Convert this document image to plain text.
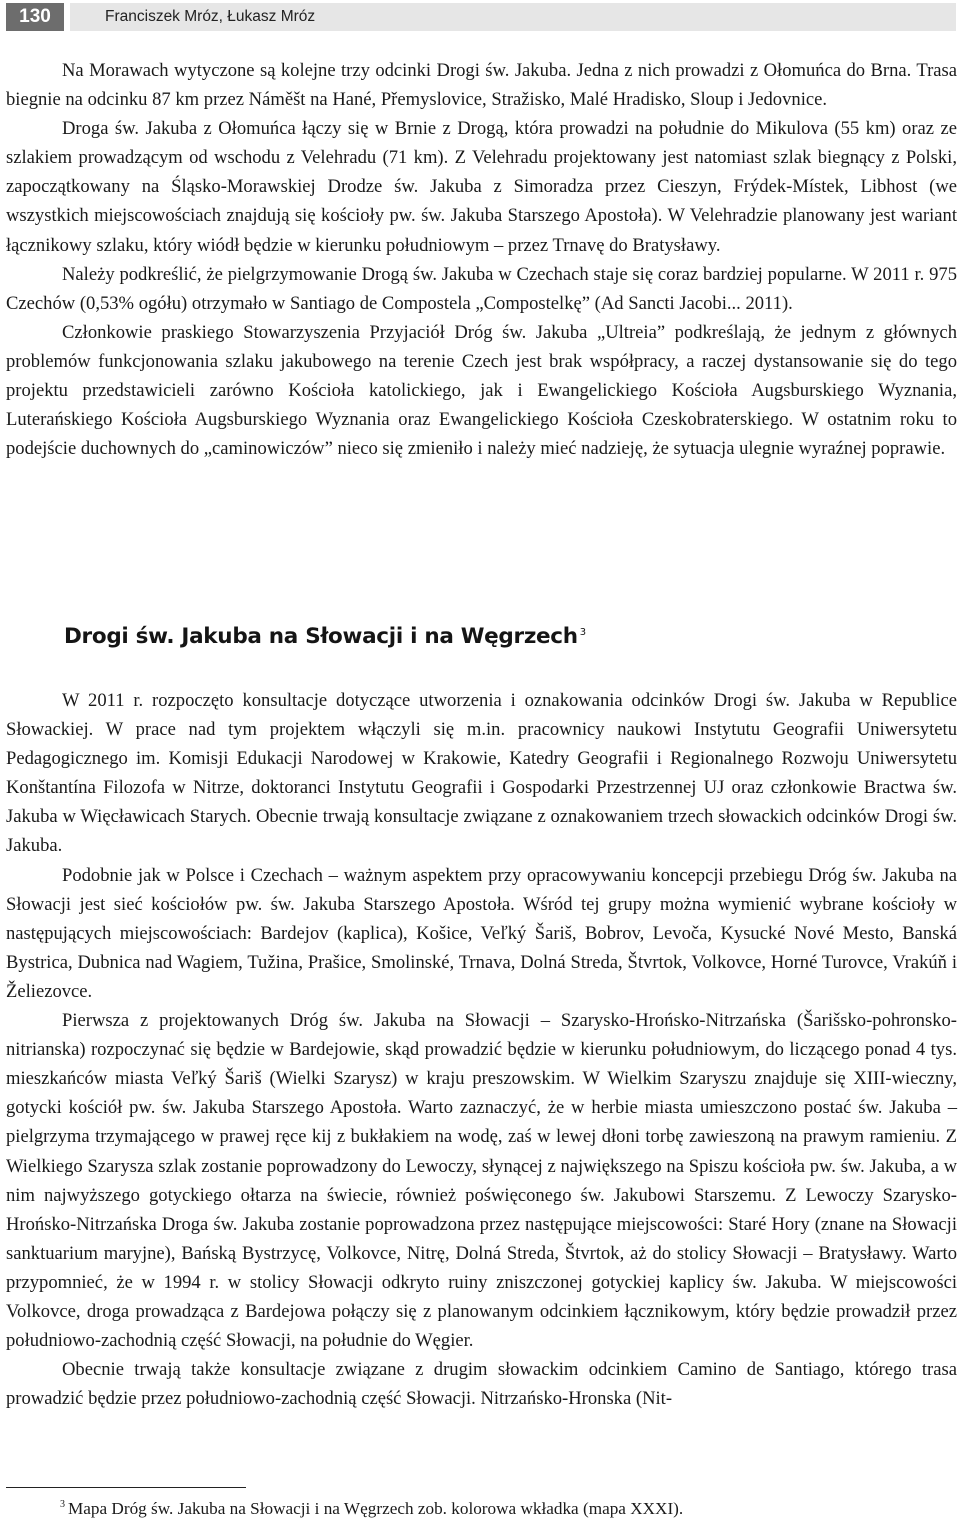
130	Franciszek Mróz, Łukasz Mróz

Na Morawach wytyczone są kolejne trzy odcinki Drogi św. Jakuba. Jedna z nich prowadzi z Ołomuńca do Brna. Trasa biegnie na odcinku 87 km przez Náměšt na Hané, Přemyslovice, Stražisko, Malé Hradisko, Sloup i Jedovnice.

Droga św. Jakuba z Ołomuńca łączy się w Brnie z Drogą, która prowadzi na południe do Mikulova (55 km) oraz ze szlakiem prowadzącym od wschodu z Velehradu (71 km). Z Velehradu projektowany jest natomiast szlak biegnący z Polski, zapoczątkowany na Śląsko-Morawskiej Drodze św. Jakuba z Simoradza przez Cieszyn, Frýdek-Místek, Libhost (we wszystkich miejscowościach znajdują się kościoły pw. św. Jakuba Starszego Apostoła). W Velehradzie planowany jest wariant łącznikowy szlaku, który wiódł będzie w kierunku południowym – przez Trnavę do Bratysławy.

Należy podkreślić, że pielgrzymowanie Drogą św. Jakuba w Czechach staje się coraz bardziej popularne. W 2011 r. 975 Czechów (0,53% ogółu) otrzymało w Santiago de Compostela „Compostelkę” (Ad Sancti Jacobi... 2011).

Członkowie praskiego Stowarzyszenia Przyjaciół Dróg św. Jakuba „Ultreia” podkreślają, że jednym z głównych problemów funkcjonowania szlaku jakubowego na terenie Czech jest brak współpracy, a raczej dystansowanie się do tego projektu przedstawicieli zarówno Kościoła katolickiego, jak i Ewangelickiego Kościoła Augsburskiego Wyznania, Luterańskiego Kościoła Augsburskiego Wyznania oraz Ewangelickiego Kościoła Czeskobraterskiego. W ostatnim roku to podejście duchownych do „caminowiczów” nieco się zmieniło i należy mieć nadzieję, że sytuacja ulegnie wyraźnej poprawie.

Drogi św. Jakuba na Słowacji i na Węgrzech $^3$

W 2011 r. rozpoczęto konsultacje dotyczące utworzenia i oznakowania odcinków Drogi św. Jakuba w Republice Słowackiej. W prace nad tym projektem włączyli się m.in. pracownicy naukowi Instytutu Geografii Uniwersytetu Pedagogicznego im. Komisji Edukacji Narodowej w Krakowie, Katedry Geografii i Regionalnego Rozwoju Uniwersytetu Konštantína Filozofa w Nitrze, doktoranci Instytutu Geografii i Gospodarki Przestrzennej UJ oraz członkowie Bractwa św. Jakuba w Więcławicach Starych. Obecnie trwają konsultacje związane z oznakowaniem trzech słowackich odcinków Drogi św. Jakuba.

Podobnie jak w Polsce i Czechach – ważnym aspektem przy opracowywaniu koncepcji przebiegu Dróg św. Jakuba na Słowacji jest sieć kościołów pw. św. Jakuba Starszego Apostoła. Wśród tej grupy można wymienić wybrane kościoły w następujących miejscowościach: Bardejov (kaplica), Košice, Veľký Šariš, Bobrov, Levoča, Kysucké Nové Mesto, Banská Bystrica, Dubnica nad Wagiem, Tužina, Prašice, Smolinské, Trnava, Dolná Streda, Štvrtok, Volkovce, Horné Turovce, Vrakúň i Želiezovce.

Pierwsza z projektowanych Dróg św. Jakuba na Słowacji – Szarysko-Hrońsko-Nitrzańska (Šarišsko-pohronsko-nitrianska) rozpoczynać się będzie w Bardejowie, skąd prowadzić będzie w kierunku południowym, do liczącego ponad 4 tys. mieszkańców miasta Veľký Šariš (Wielki Szarysz) w kraju preszowskim. W Wielkim Szaryszu znajduje się XIII-wieczny, gotycki kościół pw. św. Jakuba Starszego Apostoła. Warto zaznaczyć, że w herbie miasta umieszczono postać św. Jakuba – pielgrzyma trzymającego w prawej ręce kij z bukłakiem na wodę, zaś w lewej dłoni torbę zawieszoną na prawym ramieniu. Z Wielkiego Szarysza szlak zostanie poprowadzony do Lewoczy, słynącej z największego na Spiszu kościoła pw. św. Jakuba, a w nim najwyższego gotyckiego ołtarza na świecie, również poświęconego św. Jakubowi Starszemu. Z Lewoczy Szarysko-Hrońsko-Nitrzańska Droga św. Jakuba zostanie poprowadzona przez następujące miejscowości: Staré Hory (znane na Słowacji sanktuarium maryjne), Bańską Bystrzycę, Volkovce, Nitrę, Dolná Streda, Štvrtok, aż do stolicy Słowacji – Bratysławy. Warto przypomnieć, że w 1994 r. w stolicy Słowacji odkryto ruiny zniszczonej gotyckiej kaplicy św. Jakuba. W miejscowości Volkovce, droga prowadząca z Bardejowa połączy się z planowanym odcinkiem łącznikowym, który będzie prowadził przez południowo-zachodnią część Słowacji, na południe do Węgier.

Obecnie trwają także konsultacje związane z drugim słowackim odcinkiem Camino de Santiago, którego trasa prowadzić będzie przez południowo-zachodnią część Słowacji. Nitrzańsko-Hronska (Nit-

$^3$ Mapa Dróg św. Jakuba na Słowacji i na Węgrzech zob. kolorowa wkładka (mapa XXXI).
